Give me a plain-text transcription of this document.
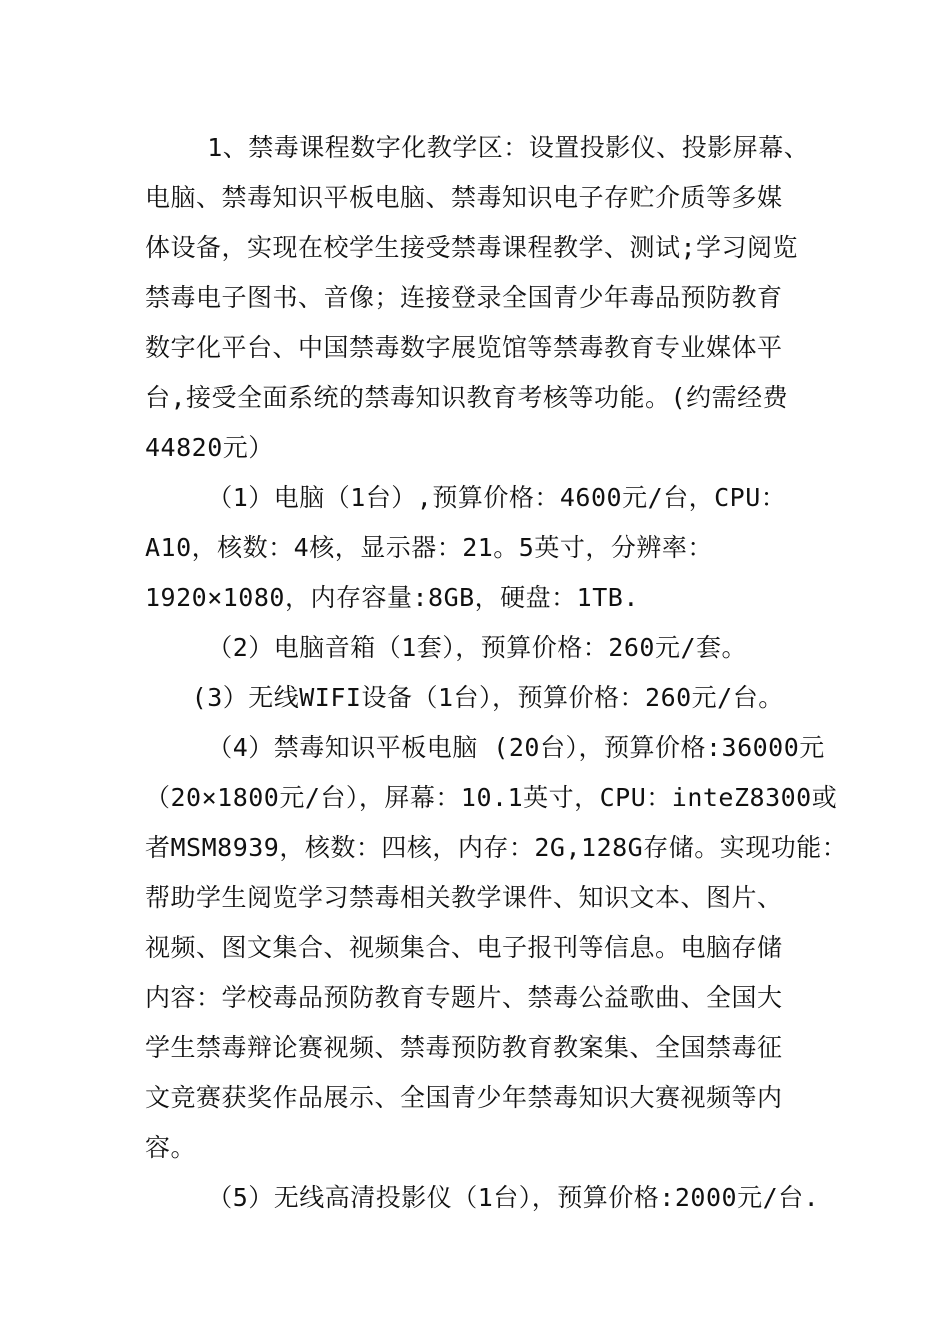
1、禁毒课程数字化教学区：设置投影仪、投影屏幕、
电脑、禁毒知识平板电脑、禁毒知识电子存贮介质等多媒
体设备，实现在校学生接受禁毒课程教学、测试;学习阅览
禁毒电子图书、音像；连接登录全国青少年毒品预防教育
数字化平台、中国禁毒数字展览馆等禁毒教育专业媒体平
台,接受全面系统的禁毒知识教育考核等功能。(约需经费
44820元）
（1）电脑（1台）,预算价格：4600元/台，CPU：
A10，核数：4核，显示器：21。5英寸，分辨率：
1920×1080，内存容量:8GB，硬盘：1TB.
（2）电脑音箱（1套），预算价格：260元/套。
(3）无线WIFI设备（1台），预算价格：260元/台。
（4）禁毒知识平板电脑 (20台），预算价格:36000元
（20×1800元/台），屏幕：10.1英寸，CPU：inteZ8300或
者MSM8939，核数：四核，内存：2G,128G存储。实现功能：
帮助学生阅览学习禁毒相关教学课件、知识文本、图片、
视频、图文集合、视频集合、电子报刊等信息。电脑存储
内容：学校毒品预防教育专题片、禁毒公益歌曲、全国大
学生禁毒辩论赛视频、禁毒预防教育教案集、全国禁毒征
文竞赛获奖作品展示、全国青少年禁毒知识大赛视频等内
容。
（5）无线高清投影仪（1台），预算价格:2000元/台.
